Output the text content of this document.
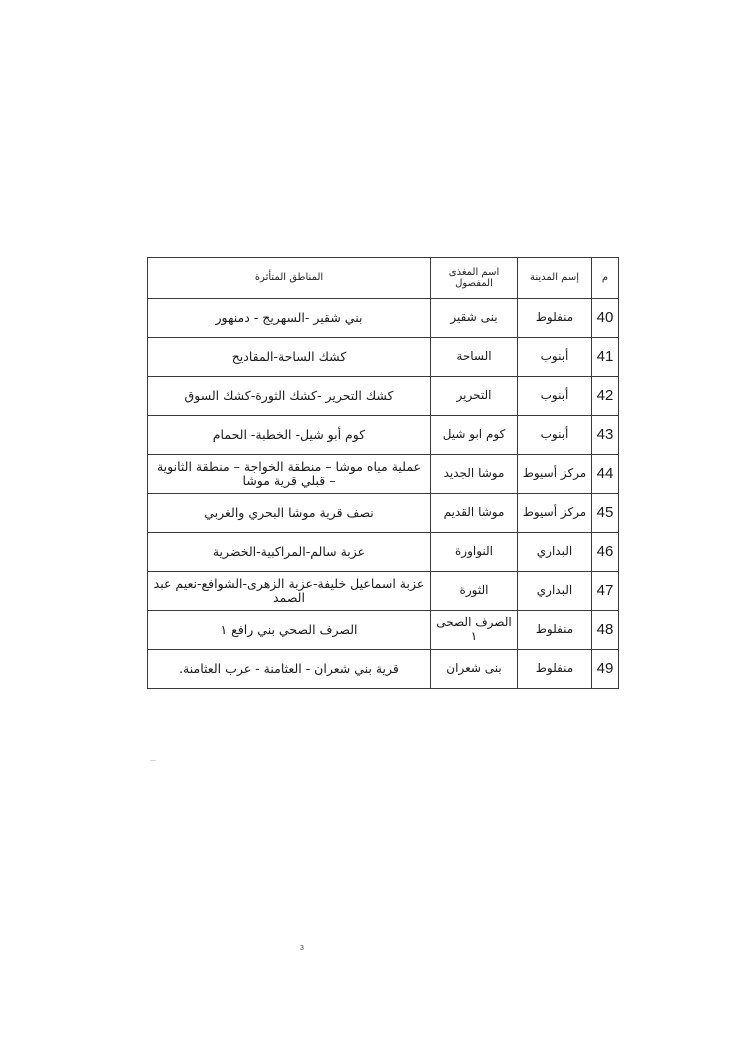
م	إسم المدينة	اسم المغذى المفصول	المناطق المتأثرة
40	منفلوط	بنى شقير	بني شقير -السهريج - دمنهور
41	أبنوب	الساحة	كشك الساحة-المقاديح
42	أبنوب	التحرير	كشك التحرير -كشك الثورة-كشك السوق
43	أبنوب	كوم ابو شيل	كوم أبو شيل- الخطبة- الحمام
44	مركز أسيوط	موشا الجديد	عملية مياه موشا – منطقة الخواجة – منطقة الثانوية – قبلي قرية موشا
45	مركز أسيوط	موشا القديم	نصف قرية موشا البحري والغربي
46	البداري	النواورة	عزبة سالم-المراكبية-الخضرية
47	البداري	الثورة	عزبة اسماعيل خليفة-عزبة الزهرى-الشوافع-نعيم عبد الصمد
48	منفلوط	الصرف الصحى ١	الصرف الصحي بني رافع ١
49	منفلوط	بنى شعران	قرية بني شعران - العثامنة - عرب العثامنة.
3
